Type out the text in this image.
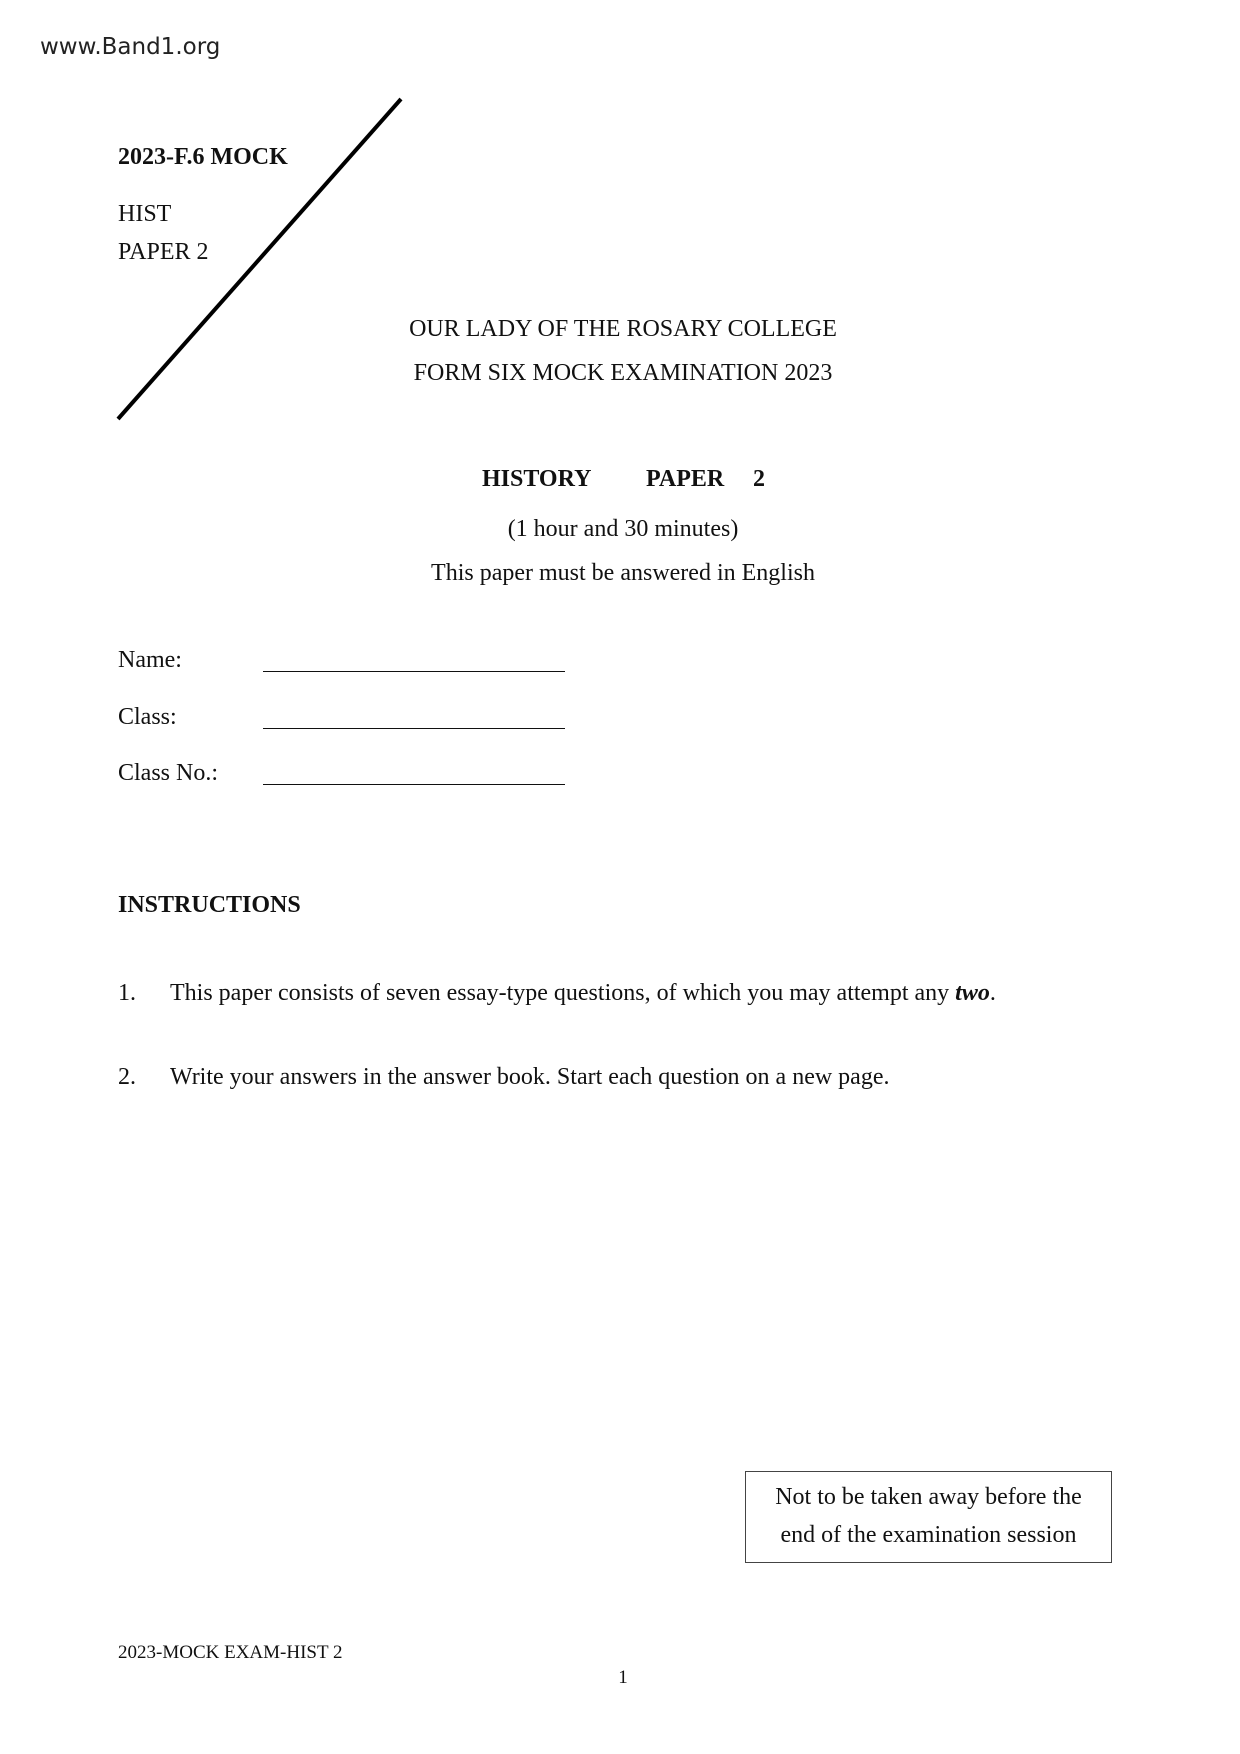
www.Band1.org
2023-F.6 MOCK
HIST
PAPER 2
OUR LADY OF THE ROSARY COLLEGE
FORM SIX MOCK EXAMINATION 2023
HISTORY PAPER 2
(1 hour and 30 minutes)
This paper must be answered in English
Name:
Class:
Class No.:
INSTRUCTIONS
1. This paper consists of seven essay-type questions, of which you may attempt any two.
2. Write your answers in the answer book. Start each question on a new page.
Not to be taken away before the
end of the examination session
2023-MOCK EXAM-HIST 2
1
